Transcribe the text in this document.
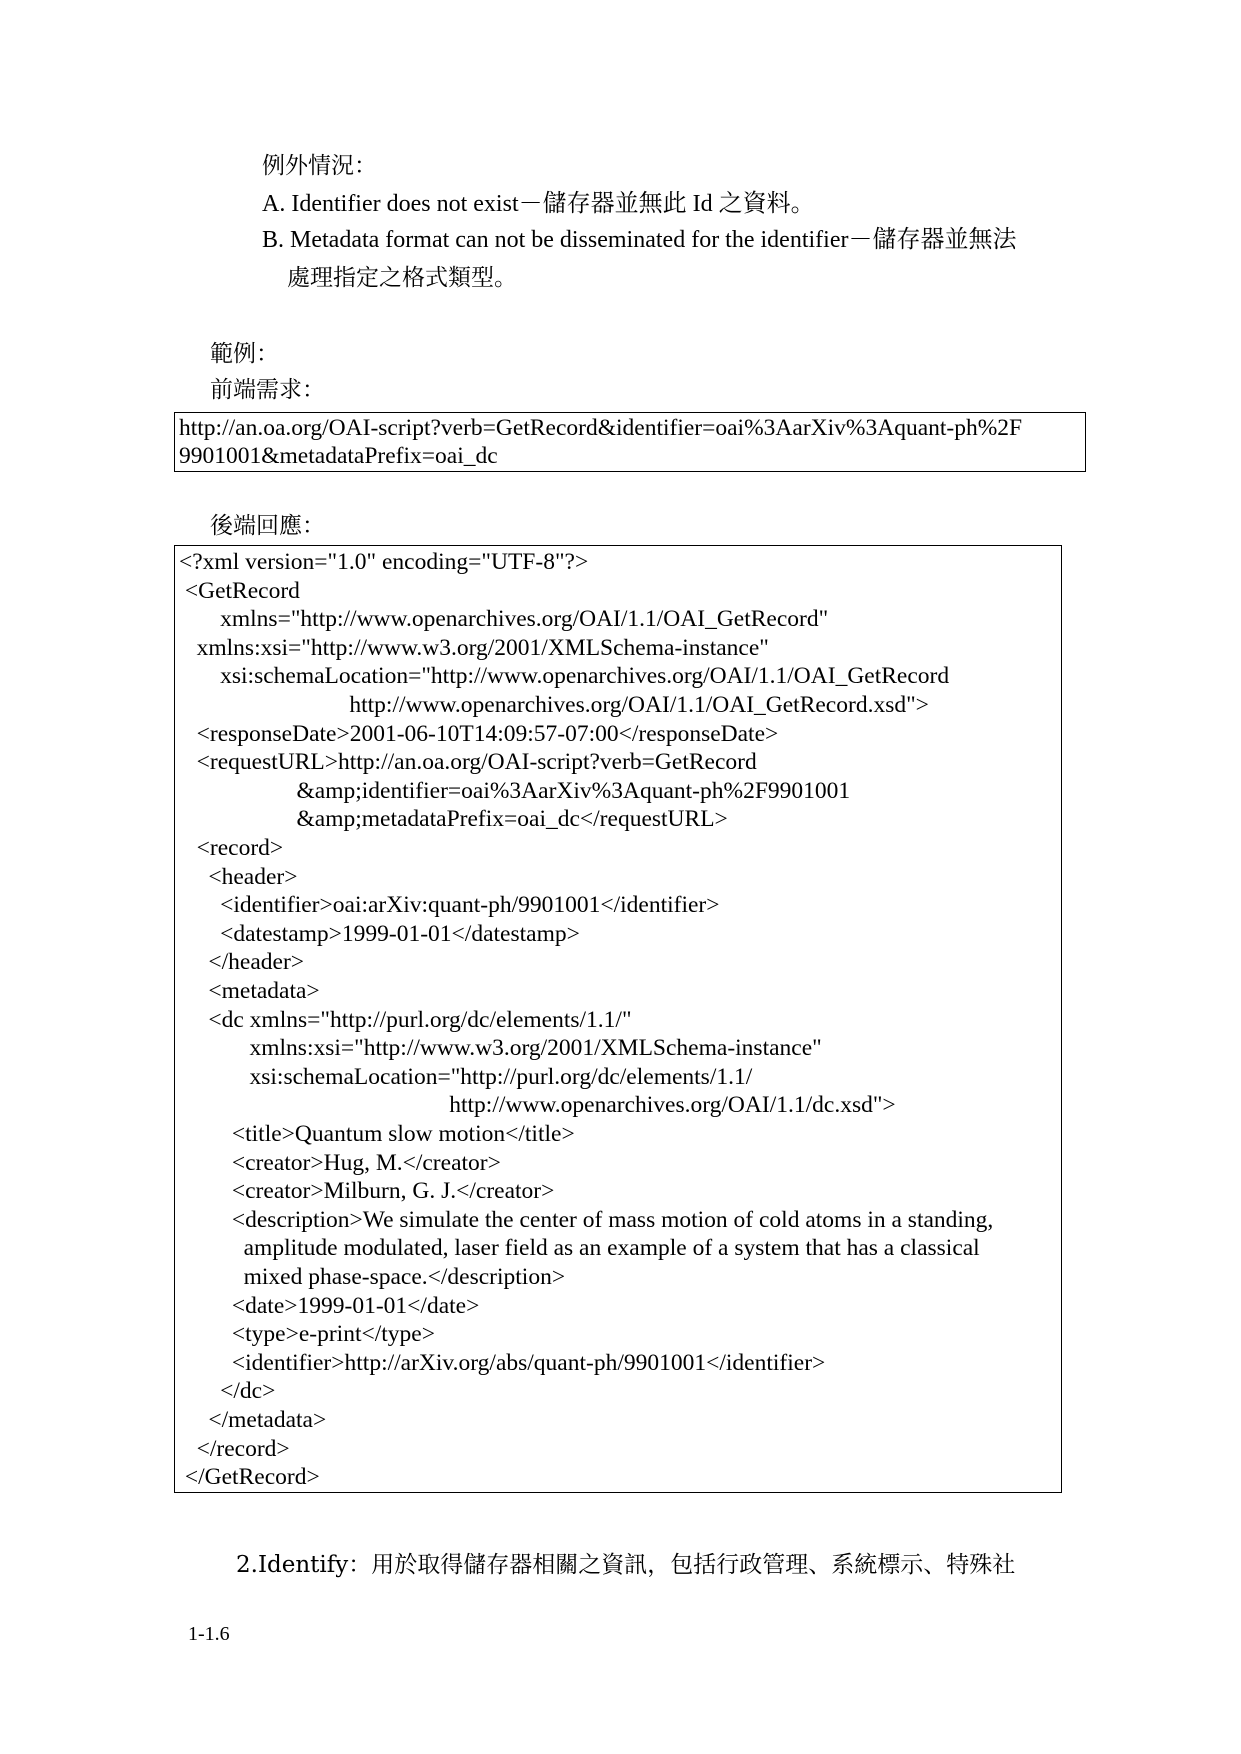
例外情況：
A. Identifier does not exist－儲存器並無此 Id 之資料。
B. Metadata format can not be disseminated for the identifier－儲存器並無法
處理指定之格式類型。
範例：
前端需求：
http://an.oa.org/OAI-script?verb=GetRecord&identifier=oai%3AarXiv%3Aquant-ph%2F
9901001&metadataPrefix=oai_dc
後端回應：
<?xml version="1.0" encoding="UTF-8"?>
<GetRecord
xmlns="http://www.openarchives.org/OAI/1.1/OAI_GetRecord"
xmlns:xsi="http://www.w3.org/2001/XMLSchema-instance"
xsi:schemaLocation="http://www.openarchives.org/OAI/1.1/OAI_GetRecord
http://www.openarchives.org/OAI/1.1/OAI_GetRecord.xsd">
<responseDate>2001-06-10T14:09:57-07:00</responseDate>
<requestURL>http://an.oa.org/OAI-script?verb=GetRecord
&amp;identifier=oai%3AarXiv%3Aquant-ph%2F9901001
&amp;metadataPrefix=oai_dc</requestURL>
<record>
<header>
<identifier>oai:arXiv:quant-ph/9901001</identifier>
<datestamp>1999-01-01</datestamp>
</header>
<metadata>
<dc xmlns="http://purl.org/dc/elements/1.1/"
xmlns:xsi="http://www.w3.org/2001/XMLSchema-instance"
xsi:schemaLocation="http://purl.org/dc/elements/1.1/
http://www.openarchives.org/OAI/1.1/dc.xsd">
<title>Quantum slow motion</title>
<creator>Hug, M.</creator>
<creator>Milburn, G. J.</creator>
<description>We simulate the center of mass motion of cold atoms in a standing,
amplitude modulated, laser field as an example of a system that has a classical
mixed phase-space.</description>
<date>1999-01-01</date>
<type>e-print</type>
<identifier>http://arXiv.org/abs/quant-ph/9901001</identifier>
</dc>
</metadata>
</record>
</GetRecord>
2.Identify：用於取得儲存器相關之資訊，包括行政管理、系統標示、特殊社
1-1.6
